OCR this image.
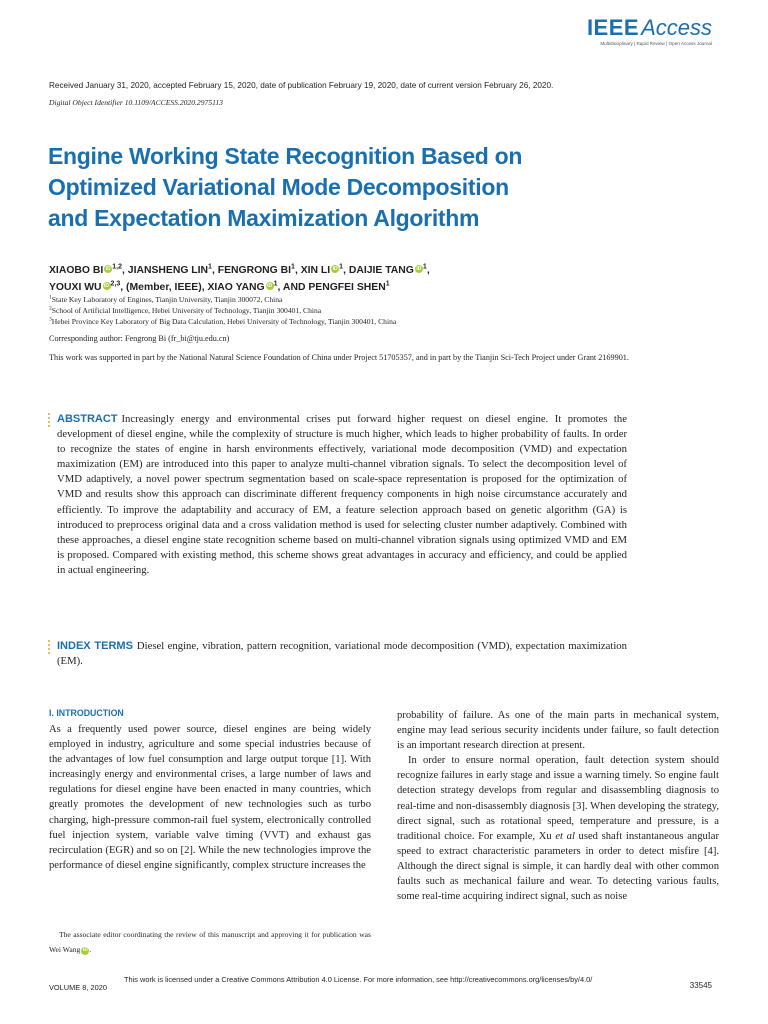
IEEEAccess
Multidisciplinary | Rapid Review | Open Access Journal
Received January 31, 2020, accepted February 15, 2020, date of publication February 19, 2020, date of current version February 26, 2020.
Digital Object Identifier 10.1109/ACCESS.2020.2975113
Engine Working State Recognition Based on
Optimized Variational Mode Decomposition
and Expectation Maximization Algorithm
XIAOBO BI iD $^{1,2}$, JIANSHENG LIN$^1$, FENGRONG $BI^1$, XIN LI iD $^1$, DAIJIE TANG iD $^1$,
YOUXI WU iD $^{2,3}$, (Member, IEEE), XIAO YANG iD $^1$, AND PENGFEI SHEN$^1$
$^1$State Key Laboratory of Engines, Tianjin University, Tianjin 300072, China
$^2$School of Artificial Intelligence, Hebei University of Technology, Tianjin 300401, China
$^3$Hebei Province Key Laboratory of Big Data Calculation, Hebei University of Technology, Tianjin 300401, China
Corresponding author: Fengrong Bi (fr_bi@tju.edu.cn)
This work was supported in part by the National Natural Science Foundation of China under Project 51705357, and in part by the Tianjin Sci-Tech Project under Grant 2169901.

ABSTRACT Increasingly energy and environmental crises put forward higher request on diesel engine. It promotes the development of diesel engine, while the complexity of structure is much higher, which leads to higher probability of faults. In order to recognize the states of engine in harsh environments effectively, variational mode decomposition (VMD) and expectation maximization (EM) are introduced into this paper to analyze multi-channel vibration signals. To select the decomposition level of VMD adaptively, a novel power spectrum segmentation based on scale-space representation is proposed for the optimization of VMD and results show this approach can discriminate different frequency components in high noise circumstance accurately and efficiently. To improve the adaptability and accuracy of EM, a feature selection approach based on genetic algorithm (GA) is introduced to preprocess original data and a cross validation method is used for selecting cluster number adaptively. Combined with these approaches, a diesel engine state recognition scheme based on multi-channel vibration signals using optimized VMD and EM is proposed. Compared with existing method, this scheme shows great advantages in accuracy and efficiency, and could be applied in actual engineering.

INDEX TERMS Diesel engine, vibration, pattern recognition, variational mode decomposition (VMD), expectation maximization (EM).

I. INTRODUCTION

As a frequently used power source, diesel engines are being widely employed in industry, agriculture and some special industries because of the advantages of low fuel consumption and large output torque [1]. With increasingly energy and environmental crises, a large number of laws and regulations for diesel engine have been enacted in many countries, which greatly promotes the development of new technologies such as turbo charging, high-pressure common-rail fuel system, electronically controlled fuel injection system, variable valve timing (VVT) and exhaust gas recirculation (EGR) and so on [2]. While the new technologies improve the performance of diesel engine significantly, complex structure increases the

probability of failure. As one of the main parts in mechanical system, engine may lead serious security incidents under failure, so fault detection is an important research direction at present.

In order to ensure normal operation, fault detection system should recognize failures in early stage and issue a warning timely. So engine fault detection strategy develops from regular and disassembling diagnosis to real-time and non-disassembly diagnosis [3]. When developing the strategy, direct signal, such as rotational speed, temperature and pressure, is a traditional choice. For example, Xu et al used shaft instantaneous angular speed to extract characteristic parameters in order to detect misfire [4]. Although the direct signal is simple, it can hardly deal with other common faults such as mechanical failure and wear. To detecting various faults, some real-time acquiring indirect signal, such as noise

The associate editor coordinating the review of this manuscript and approving it for publication was Wei Wang iD .
VOLUME 8, 2020
This work is licensed under a Creative Commons Attribution 4.0 License. For more information, see http://creativecommons.org/licenses/by/4.0/
33545
